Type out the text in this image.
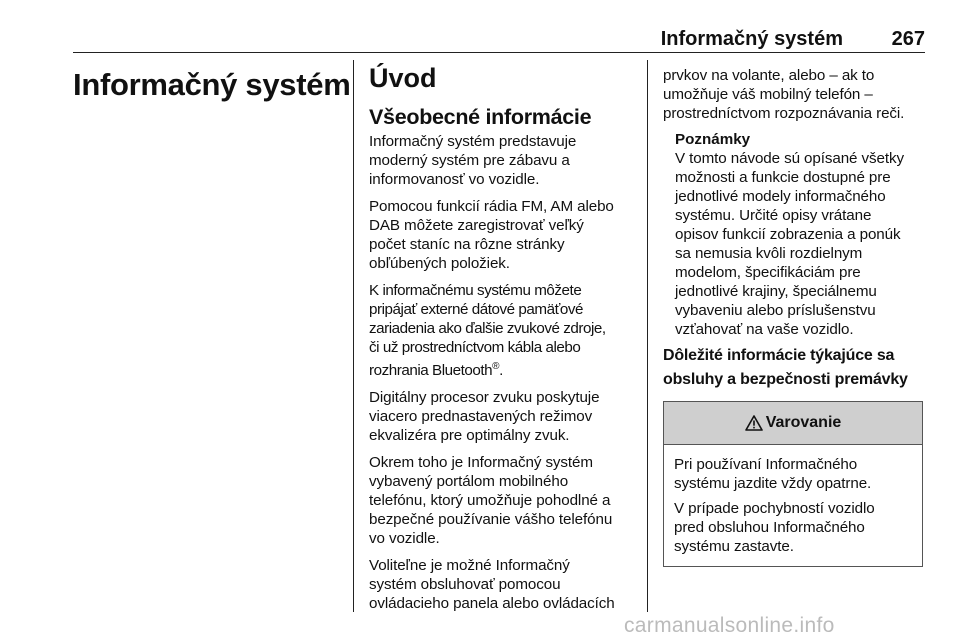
Informačný systém 267
Informačný systém Úvod
Všeobecné informácie
Informačný systém predstavuje
moderný systém pre zábavu a
informovanosť vo vozidle.
Pomocou funkcií rádia FM, AM alebo
DAB môžete zaregistrovať veľký
počet staníc na rôzne stránky
obľúbených položiek.
K informačnému systému môžete
pripájať externé dátové pamäťové
zariadenia ako ďalšie zvukové zdroje,
či už prostredníctvom kábla alebo
rozhrania Bluetooth®.
Digitálny procesor zvuku poskytuje
viacero prednastavených režimov
ekvalizéra pre optimálny zvuk.
Okrem toho je Informačný systém
vybavený portálom mobilného
telefónu, ktorý umožňuje pohodlné a
bezpečné používanie vášho telefónu
vo vozidle.
Voliteľne je možné Informačný
systém obsluhovať pomocou
ovládacieho panela alebo ovládacích
prvkov na volante, alebo – ak to
umožňuje váš mobilný telefón –
prostredníctvom rozpoznávania reči.
Poznámky
V tomto návode sú opísané všetky
možnosti a funkcie dostupné pre
jednotlivé modely informačného
systému. Určité opisy vrátane
opisov funkcií zobrazenia a ponúk
sa nemusia kvôli rozdielnym
modelom, špecifikáciám pre
jednotlivé krajiny, špeciálnemu
vybaveniu alebo príslušenstvu
vzťahovať na vaše vozidlo.
Dôležité informácie týkajúce sa
obsluhy a bezpečnosti premávky
Varovanie
Pri používaní Informačného
systému jazdite vždy opatrne.
V prípade pochybností vozidlo
pred obsluhou Informačného
systému zastavte.
carmanualsonline.info
